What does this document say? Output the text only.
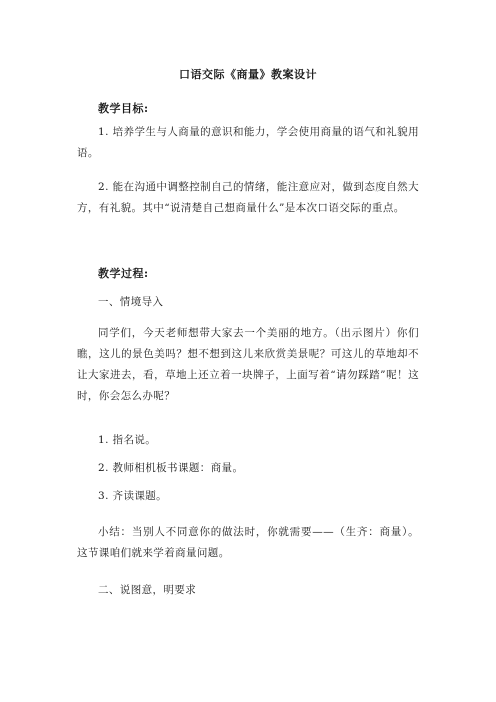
口语交际《商量》教案设计
教学目标:

1. 培养学生与人商量的意识和能力，学会使用商量的语气和礼貌用语。

2. 能在沟通中调整控制自己的情绪，能注意应对，做到态度自然大方，有礼貌。其中“说清楚自己想商量什么”是本次口语交际的重点。

教学过程:
一、情境导入

同学们，今天老师想带大家去一个美丽的地方。（出示图片）你们瞧，这儿的景色美吗？想不想到这儿来欣赏美景呢？可这儿的草地却不让大家进去，看，草地上还立着一块牌子，上面写着“请勿踩踏”呢！这时，你会怎么办呢？

1. 指名说。
2. 教师相机板书课题：商量。
3. 齐读课题。

小结：当别人不同意你的做法时，你就需要——（生齐：商量）。这节课咱们就来学着商量问题。

二、说图意，明要求
